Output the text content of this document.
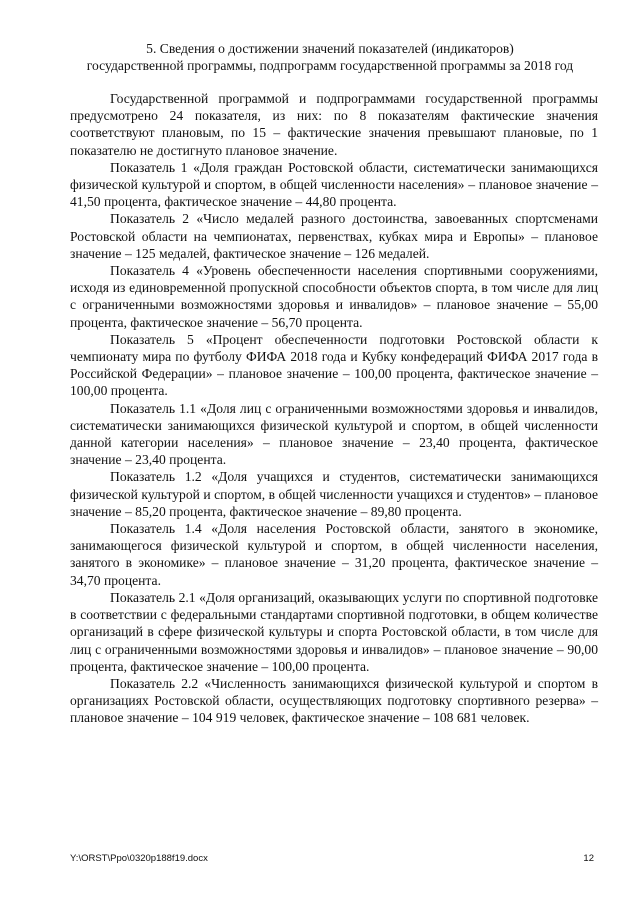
5. Сведения о достижении значений показателей (индикаторов)
государственной программы, подпрограмм государственной программы за 2018 год

Государственной программой и подпрограммами государственной программы предусмотрено 24 показателя, из них: по 8 показателям фактические значения соответствуют плановым, по 15 – фактические значения превышают плановые, по 1 показателю не достигнуто плановое значение.

Показатель 1 «Доля граждан Ростовской области, систематически занимающихся физической культурой и спортом, в общей численности населения» – плановое значение – 41,50 процента, фактическое значение – 44,80 процента.

Показатель 2 «Число медалей разного достоинства, завоеванных спортсменами Ростовской области на чемпионатах, первенствах, кубках мира и Европы» – плановое значение – 125 медалей, фактическое значение – 126 медалей.

Показатель 4 «Уровень обеспеченности населения спортивными сооружениями, исходя из единовременной пропускной способности объектов спорта, в том числе для лиц с ограниченными возможностями здоровья и инвалидов» – плановое значение – 55,00 процента, фактическое значение – 56,70 процента.

Показатель 5 «Процент обеспеченности подготовки Ростовской области к чемпионату мира по футболу ФИФА 2018 года и Кубку конфедераций ФИФА 2017 года в Российской Федерации» – плановое значение – 100,00 процента, фактическое значение – 100,00 процента.

Показатель 1.1 «Доля лиц с ограниченными возможностями здоровья и инвалидов, систематически занимающихся физической культурой и спортом, в общей численности данной категории населения» – плановое значение – 23,40 процента, фактическое значение – 23,40 процента.

Показатель 1.2 «Доля учащихся и студентов, систематически занимающихся физической культурой и спортом, в общей численности учащихся и студентов» – плановое значение – 85,20 процента, фактическое значение – 89,80 процента.

Показатель 1.4 «Доля населения Ростовской области, занятого в экономике, занимающегося физической культурой и спортом, в общей численности населения, занятого в экономике» – плановое значение – 31,20 процента, фактическое значение – 34,70 процента.

Показатель 2.1 «Доля организаций, оказывающих услуги по спортивной подготовке в соответствии с федеральными стандартами спортивной подготовки, в общем количестве организаций в сфере физической культуры и спорта Ростовской области, в том числе для лиц с ограниченными возможностями здоровья и инвалидов» – плановое значение – 90,00 процента, фактическое значение – 100,00 процента.

Показатель 2.2 «Численность занимающихся физической культурой и спортом в организациях Ростовской области, осуществляющих подготовку спортивного резерва» – плановое значение – 104 919 человек, фактическое значение – 108 681 человек.

Y:\ORST\Ppo\0320p188f19.docx	12
